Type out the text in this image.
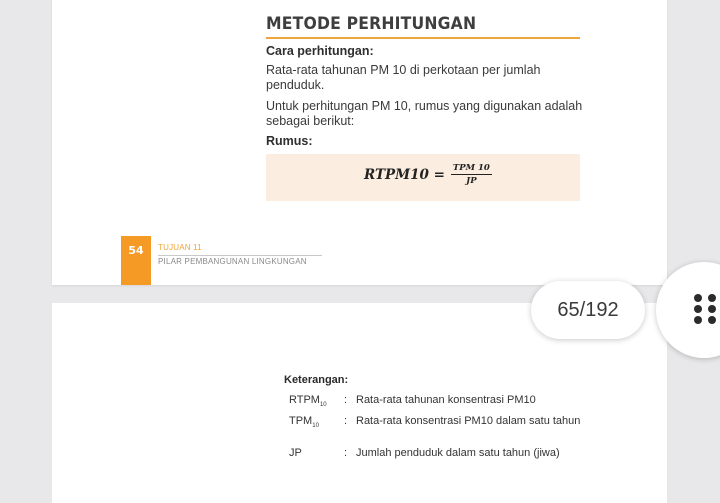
METODE PERHITUNGAN
Cara perhitungan:
Rata-rata tahunan PM 10 di perkotaan per jumlah penduduk.
Untuk perhitungan PM 10, rumus yang digunakan adalah sebagai berikut:
Rumus:
RTPM10 = $\frac{\text{TPM 10}}{JP}$
54	TUJUAN 11
PILAR PEMBANGUNAN LINGKUNGAN
Keterangan:
$RTPM_{10}$ : Rata-rata tahunan konsentrasi PM10
$TPM_{10}$ : Rata-rata konsentrasi PM10 dalam satu tahun
JP	: Jumlah penduduk dalam satu tahun (jiwa)
65/192
